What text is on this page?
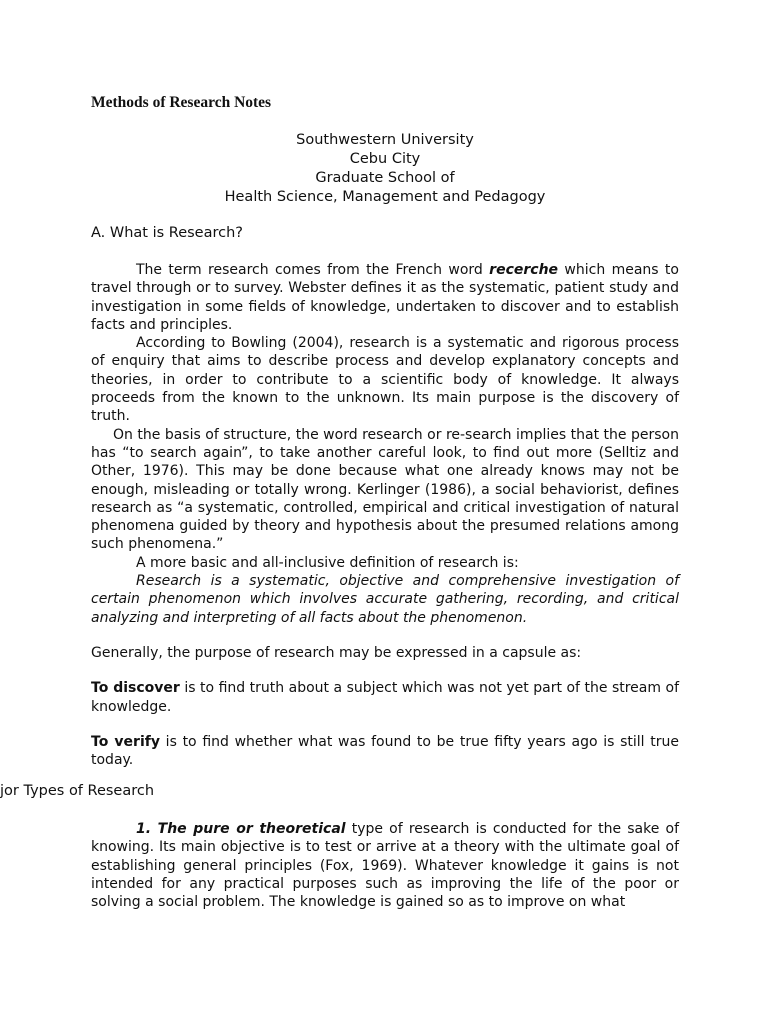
Methods of Research Notes
Southwestern University
Cebu City
Graduate School of
Health Science, Management and Pedagogy
A. What is Research?

The term research comes from the French word recerche which means to travel through or to survey. Webster defines it as the systematic, patient study and investigation in some fields of knowledge, undertaken to discover and to establish facts and principles.

According to Bowling (2004), research is a systematic and rigorous process of enquiry that aims to describe process and develop explanatory concepts and theories, in order to contribute to a scientific body of knowledge. It always proceeds from the known to the unknown. Its main purpose is the discovery of truth.

On the basis of structure, the word research or re-search implies that the person has “to search again”, to take another careful look, to find out more (Selltiz and Other, 1976). This may be done because what one already knows may not be enough, misleading or totally wrong. Kerlinger (1986), a social behaviorist, defines research as “a systematic, controlled, empirical and critical investigation of natural phenomena guided by theory and hypothesis about the presumed relations among such phenomena.”

A more basic and all-inclusive definition of research is:

Research is a systematic, objective and comprehensive investigation of certain phenomenon which involves accurate gathering, recording, and critical analyzing and interpreting of all facts about the phenomenon.

Generally, the purpose of research may be expressed in a capsule as:

To discover is to find truth about a subject which was not yet part of the stream of knowledge.

To verify is to find whether what was found to be true fifty years ago is still true today.

jor Types of Research

1. The pure or theoretical type of research is conducted for the sake of knowing. Its main objective is to test or arrive at a theory with the ultimate goal of establishing general principles (Fox, 1969). Whatever knowledge it gains is not intended for any practical purposes such as improving the life of the poor or solving a social problem. The knowledge is gained so as to improve on what
